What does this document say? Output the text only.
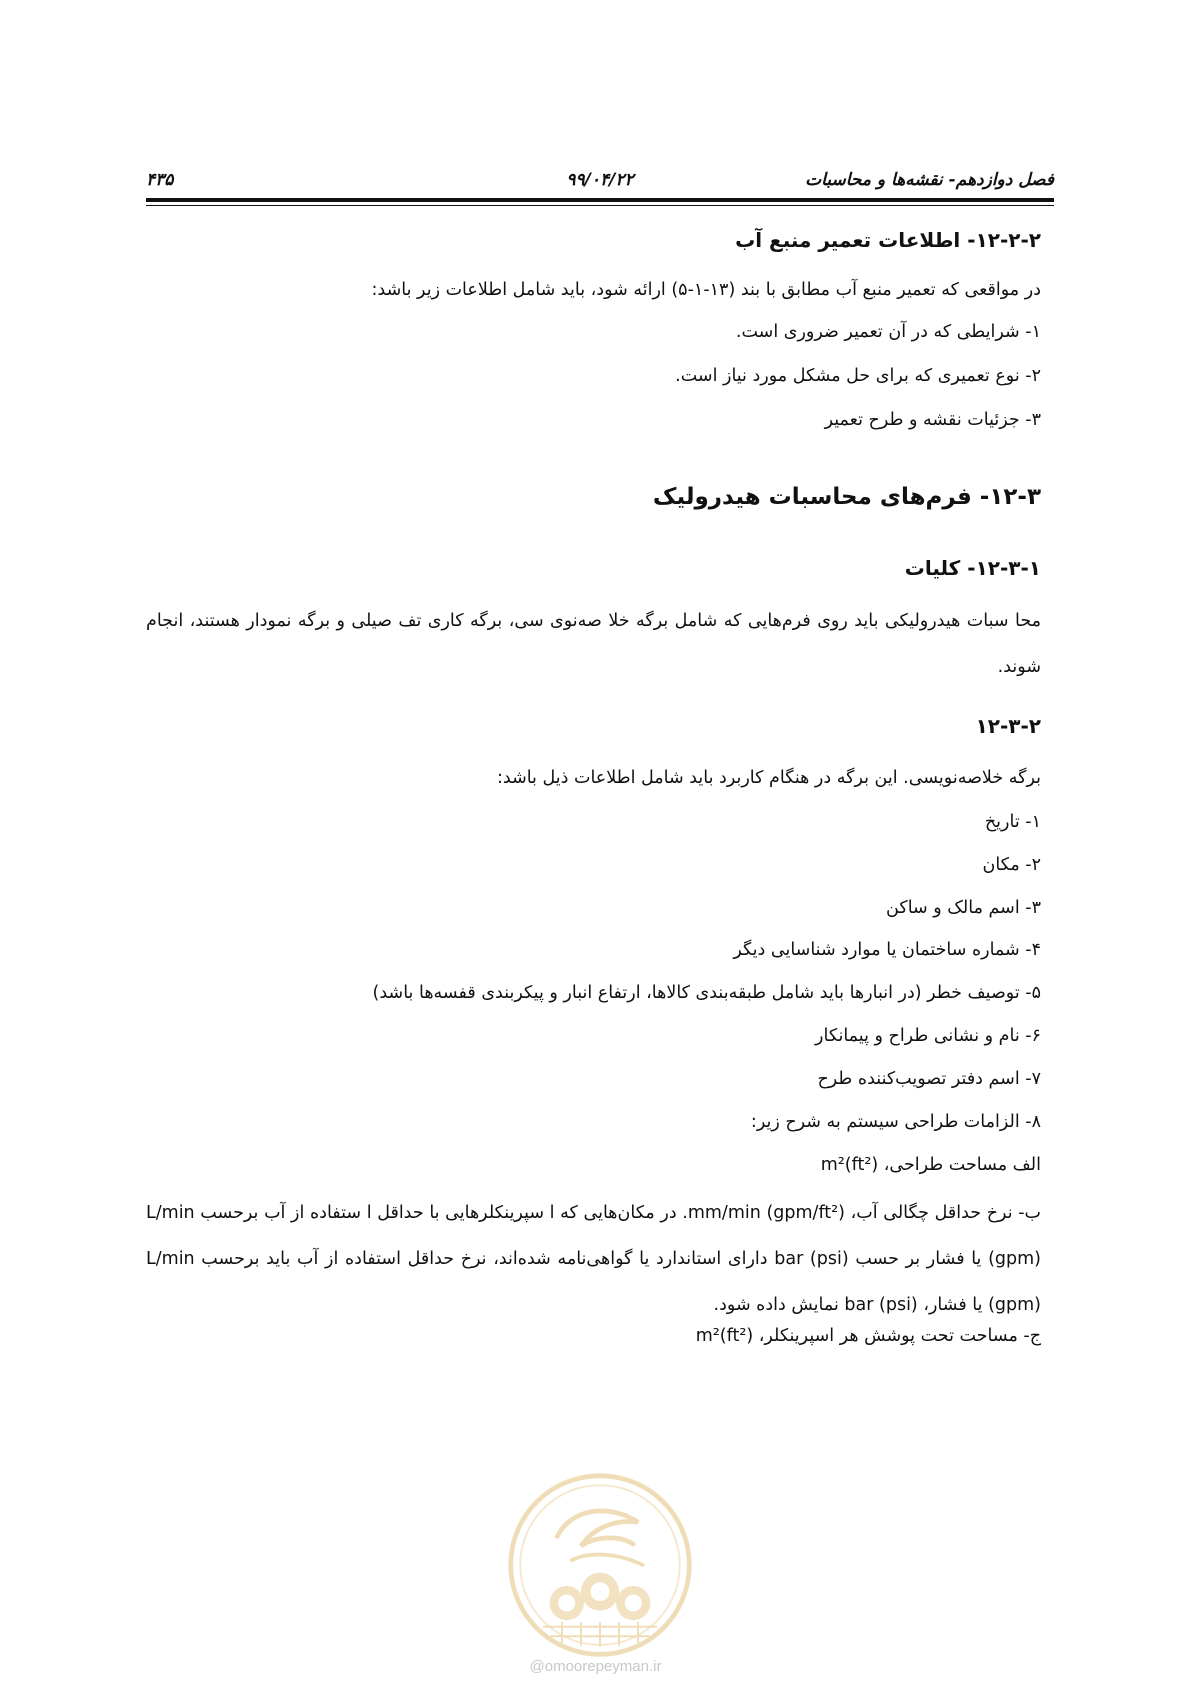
فصل دوازدهم- نقشه‌ها و محاسبات
۹۹/۰۴/۲۲
۴۳۵
۱۲-۲-۲- اطلاعات تعمیر منبع آب
در مواقعی که تعمیر منبع آب مطابق با بند (۱۳-۱-۵) ارائه شود، باید شامل اطلاعات زیر باشد:
۱- شرایطی که در آن تعمیر ضروری است.
۲- نوع تعمیری که برای حل مشکل مورد نیاز است.
۳- جزئیات نقشه و طرح تعمیر
۱۲-۳- فرم‌های محاسبات هیدرولیک
۱۲-۳-۱- کلیات
محا سبات هیدرولیکی باید روی فرم‌هایی که شامل برگه خلا صه‌نوی سی، برگه کاری تف صیلی و برگه نمودار هستند، انجام شوند.
۱۲-۳-۲
برگه خلاصه‌نویسی. این برگه در هنگام کاربرد باید شامل اطلاعات ذیل باشد:
۱- تاریخ
۲- مکان
۳- اسم مالک و ساکن
۴- شماره ساختمان یا موارد شناسایی دیگر
۵- توصیف خطر (در انبارها باید شامل طبقه‌بندی کالاها، ارتفاع انبار و پیکربندی قفسه‌ها باشد)
۶- نام و نشانی طراح و پیمانکار
۷- اسم دفتر تصویب‌کننده طرح
۸- الزامات طراحی سیستم به شرح زیر:
الف مساحت طراحی، m²(ft²)
ب- نرخ حداقل چگالی آب، mm/min (gpm/ft²). در مکان‌هایی که ا سپرینکلرهایی با حداقل ا ستفاده از آب برحسب L/min (gpm) یا فشار بر حسب bar (psi) دارای استاندارد یا گواهی‌نامه شده‌اند، نرخ حداقل استفاده از آب باید برحسب L/min (gpm) یا فشار، bar (psi) نمایش داده شود.
ج- مساحت تحت پوشش هر اسپرینکلر، m²(ft²)
@omoorepeyman.ir
